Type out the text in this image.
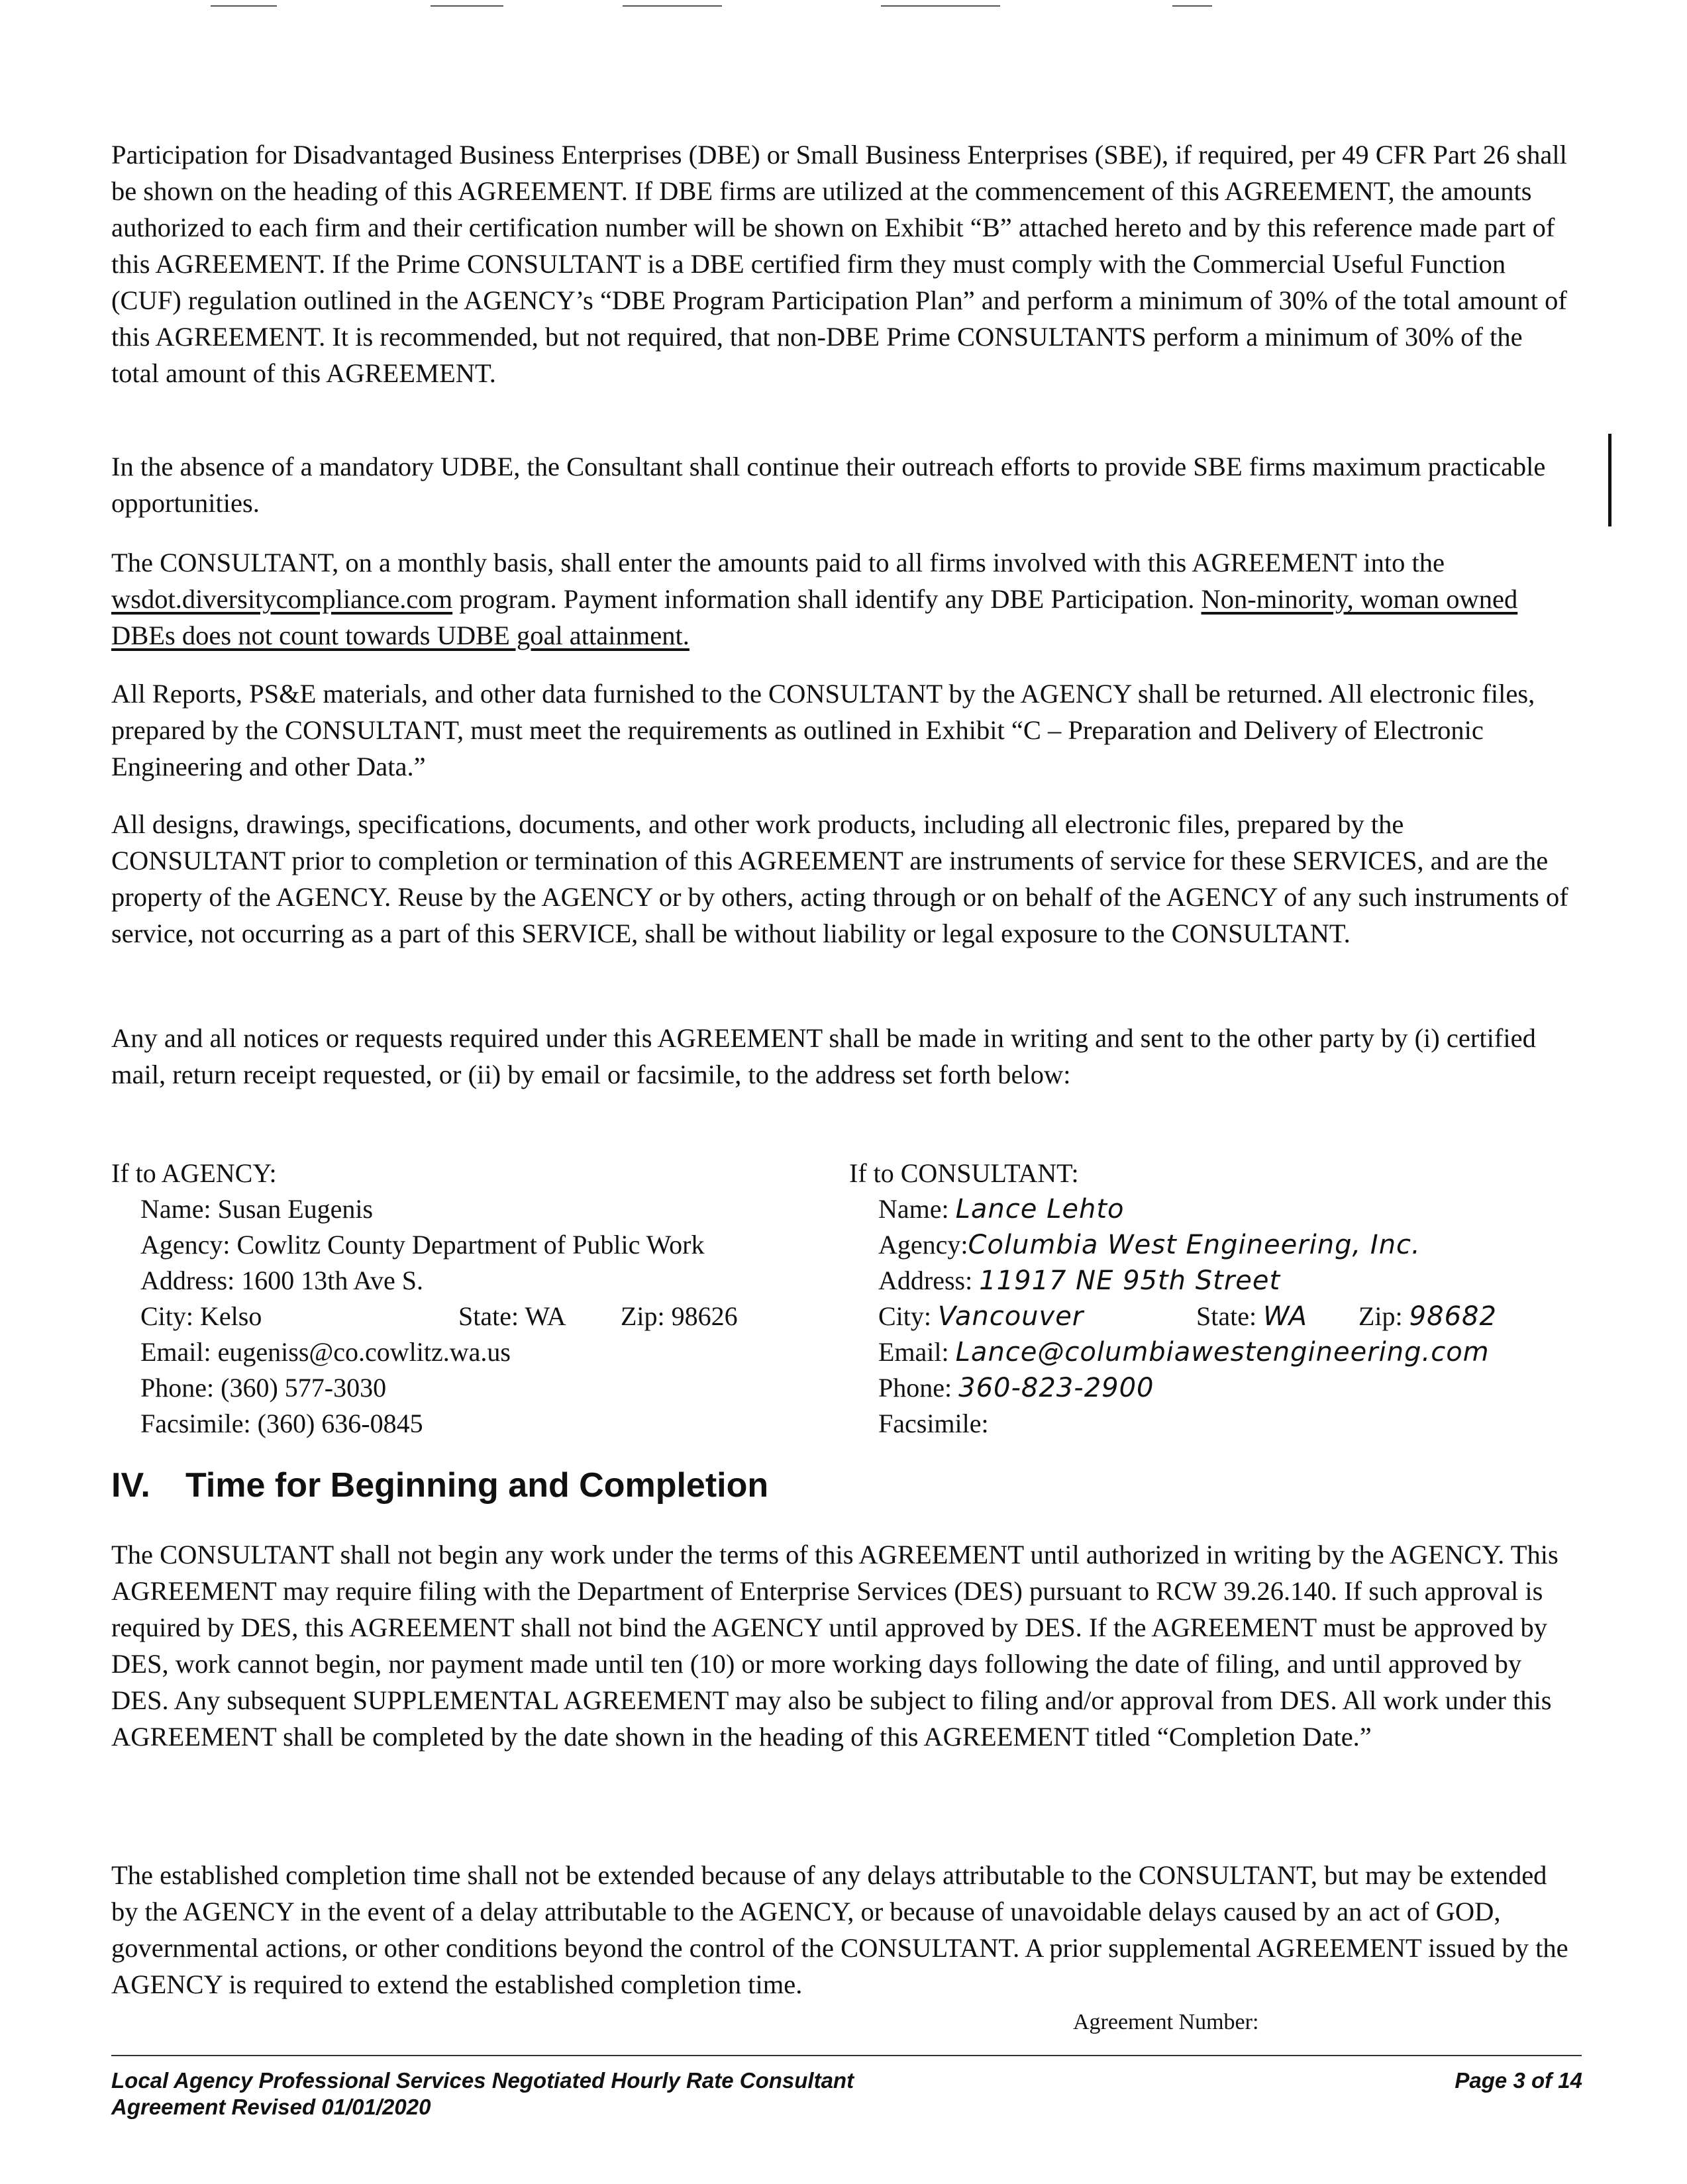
Participation for Disadvantaged Business Enterprises (DBE) or Small Business Enterprises (SBE), if required, per 49 CFR Part 26 shall be shown on the heading of this AGREEMENT. If DBE firms are utilized at the commencement of this AGREEMENT, the amounts authorized to each firm and their certification number will be shown on Exhibit “B” attached hereto and by this reference made part of this AGREEMENT. If the Prime CONSULTANT is a DBE certified firm they must comply with the Commercial Useful Function (CUF) regulation outlined in the AGENCY’s “DBE Program Participation Plan” and perform a minimum of 30% of the total amount of this AGREEMENT. It is recommended, but not required, that non-DBE Prime CONSULTANTS perform a minimum of 30% of the total amount of this AGREEMENT.

In the absence of a mandatory UDBE, the Consultant shall continue their outreach efforts to provide SBE firms maximum practicable opportunities.

The CONSULTANT, on a monthly basis, shall enter the amounts paid to all firms involved with this AGREEMENT into the wsdot.diversitycompliance.com program. Payment information shall identify any DBE Participation. Non-minority, woman owned DBEs does not count towards UDBE goal attainment.

All Reports, PS&E materials, and other data furnished to the CONSULTANT by the AGENCY shall be returned. All electronic files, prepared by the CONSULTANT, must meet the requirements as outlined in Exhibit “C – Preparation and Delivery of Electronic Engineering and other Data.”

All designs, drawings, specifications, documents, and other work products, including all electronic files, prepared by the CONSULTANT prior to completion or termination of this AGREEMENT are instruments of service for these SERVICES, and are the property of the AGENCY. Reuse by the AGENCY or by others, acting through or on behalf of the AGENCY of any such instruments of service, not occurring as a part of this SERVICE, shall be without liability or legal exposure to the CONSULTANT.

Any and all notices or requests required under this AGREEMENT shall be made in writing and sent to the other party by (i) certified mail, return receipt requested, or (ii) by email or facsimile, to the address set forth below:

If to AGENCY:
Name: Susan Eugenis
Agency: Cowlitz County Department of Public Work
Address: 1600 13th Ave S.
City: Kelso	State: WA Zip: 98626
Email: eugeniss@co.cowlitz.wa.us
Phone: (360) 577-3030
Facsimile: (360) 636-0845
If to CONSULTANT:
Name: Lance Lehto
Agency:Columbia West Engineering, Inc.
Address: 11917 NE 95th Street
City: Vancouver	State: WA Zip: 98682
Email: Lance@columbiawestengineering.com
Phone: 360-823-2900
Facsimile:
IV. Time for Beginning and Completion

The CONSULTANT shall not begin any work under the terms of this AGREEMENT until authorized in writing by the AGENCY. This AGREEMENT may require filing with the Department of Enterprise Services (DES) pursuant to RCW 39.26.140. If such approval is required by DES, this AGREEMENT shall not bind the AGENCY until approved by DES. If the AGREEMENT must be approved by DES, work cannot begin, nor payment made until ten (10) or more working days following the date of filing, and until approved by DES. Any subsequent SUPPLEMENTAL AGREEMENT may also be subject to filing and/or approval from DES. All work under this AGREEMENT shall be completed by the date shown in the heading of this AGREEMENT titled “Completion Date.”

The established completion time shall not be extended because of any delays attributable to the CONSULTANT, but may be extended by the AGENCY in the event of a delay attributable to the AGENCY, or because of unavoidable delays caused by an act of GOD, governmental actions, or other conditions beyond the control of the CONSULTANT. A prior supplemental AGREEMENT issued by the AGENCY is required to extend the established completion time.

Agreement Number:
Local Agency Professional Services Negotiated Hourly Rate Consultant
Agreement Revised 01/01/2020
Page 3 of 14
